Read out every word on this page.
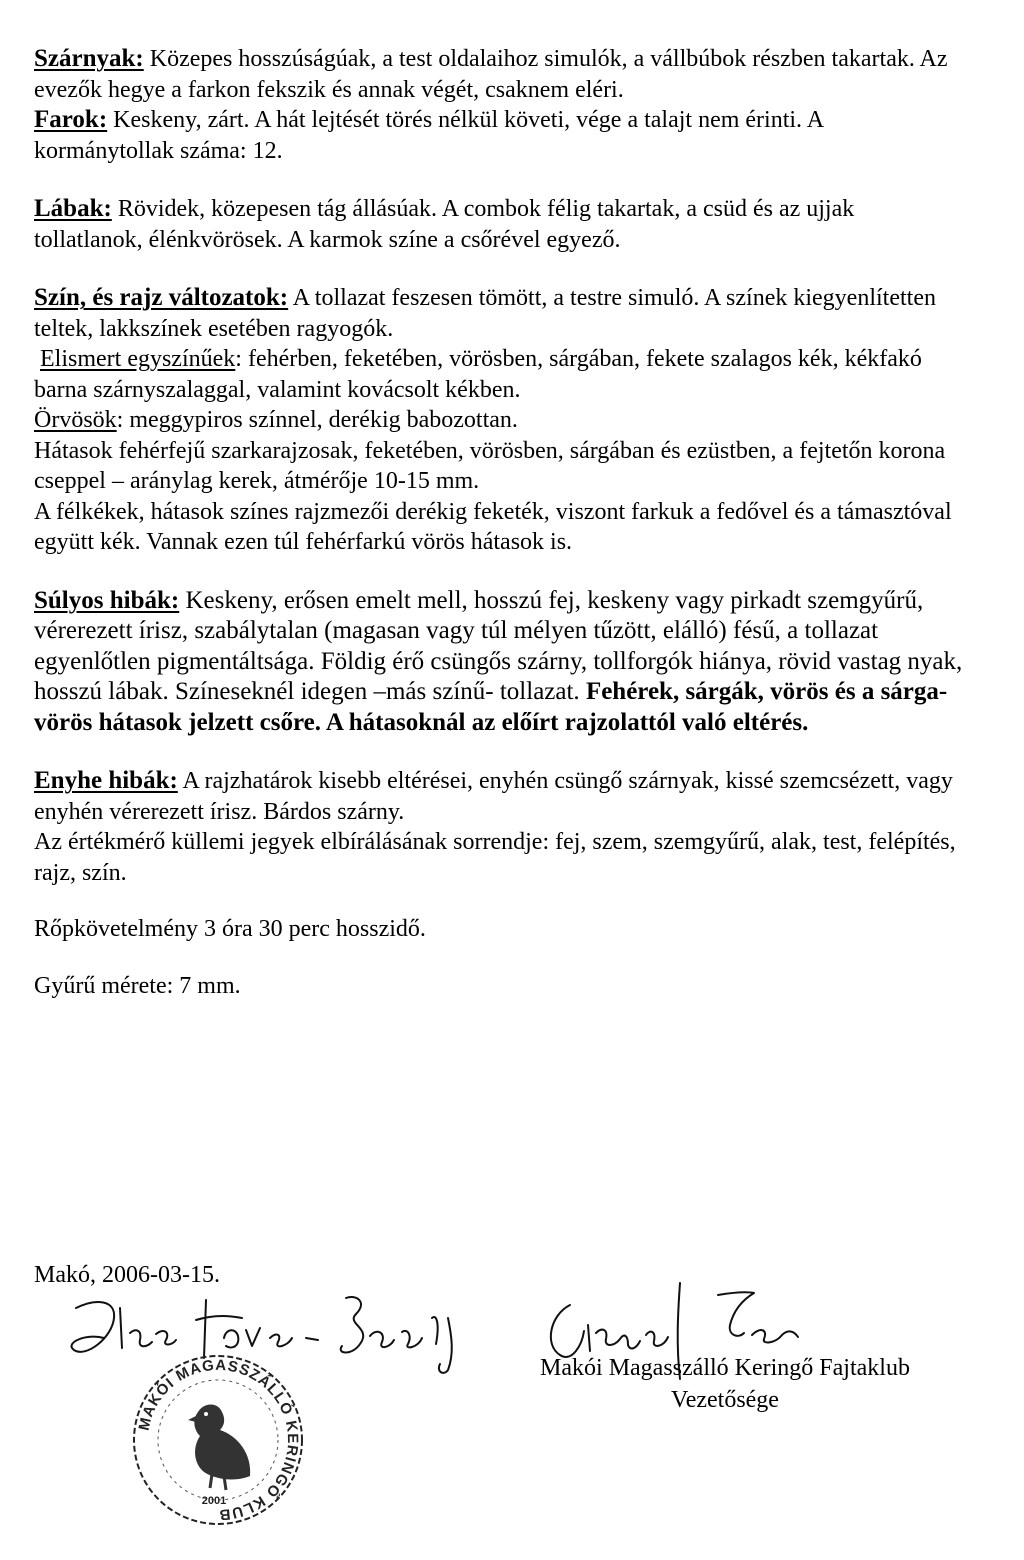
Szárnyak: Közepes hosszúságúak, a test oldalaihoz simulók, a vállbúbok részben takartak. Az evezők hegye a farkon fekszik és annak végét, csaknem eléri.

Farok: Keskeny, zárt. A hát lejtését törés nélkül követi, vége a talajt nem érinti. A kormánytollak száma: 12.

Lábak: Rövidek, közepesen tág állásúak. A combok félig takartak, a csüd és az ujjak tollatlanok, élénkvörösek. A karmok színe a csőrével egyező.

Szín, és rajz változatok: A tollazat feszesen tömött, a testre simuló. A színek kiegyenlítetten teltek, lakkszínek esetében ragyogók.

Elismert egyszínűek: fehérben, feketében, vörösben, sárgában, fekete szalagos kék, kékfakó barna szárnyszalaggal, valamint kovácsolt kékben.

Örvösök: meggypiros színnel, derékig babozottan.

Hátasok fehérfejű szarkarajzosak, feketében, vörösben, sárgában és ezüstben, a fejtetőn korona cseppel – aránylag kerek, átmérője 10-15 mm.

A félkékek, hátasok színes rajzmezői derékig feketék, viszont farkuk a fedővel és a támasztóval együtt kék. Vannak ezen túl fehérfarkú vörös hátasok is.

Súlyos hibák: Keskeny, erősen emelt mell, hosszú fej, keskeny vagy pirkadt szemgyűrű, vérerezett írisz, szabálytalan (magasan vagy túl mélyen tűzött, elálló) fésű, a tollazat egyenlőtlen pigmentáltsága. Földig érő csüngős szárny, tollforgók hiánya, rövid vastag nyak, hosszú lábak. Színeseknél idegen –más színű- tollazat. Fehérek, sárgák, vörös és a sárga-vörös hátasok jelzett csőre. A hátasoknál az előírt rajzolattól való eltérés.

Enyhe hibák: A rajzhatárok kisebb eltérései, enyhén csüngő szárnyak, kissé szemcsézett, vagy enyhén vérerezett írisz. Bárdos szárny.

Az értékmérő küllemi jegyek elbírálásának sorrendje: fej, szem, szemgyűrű, alak, test, felépítés, rajz, szín.

Rőpkövetelmény 3 óra 30 perc hosszidő.

Gyűrű mérete: 7 mm.

Makó, 2006-03-15.
Makói Magasszálló Keringő Fajtaklub
Vezetősége
MAKÓI MAGASSZÁLLÓ KERINGŐ KLUB
2001
